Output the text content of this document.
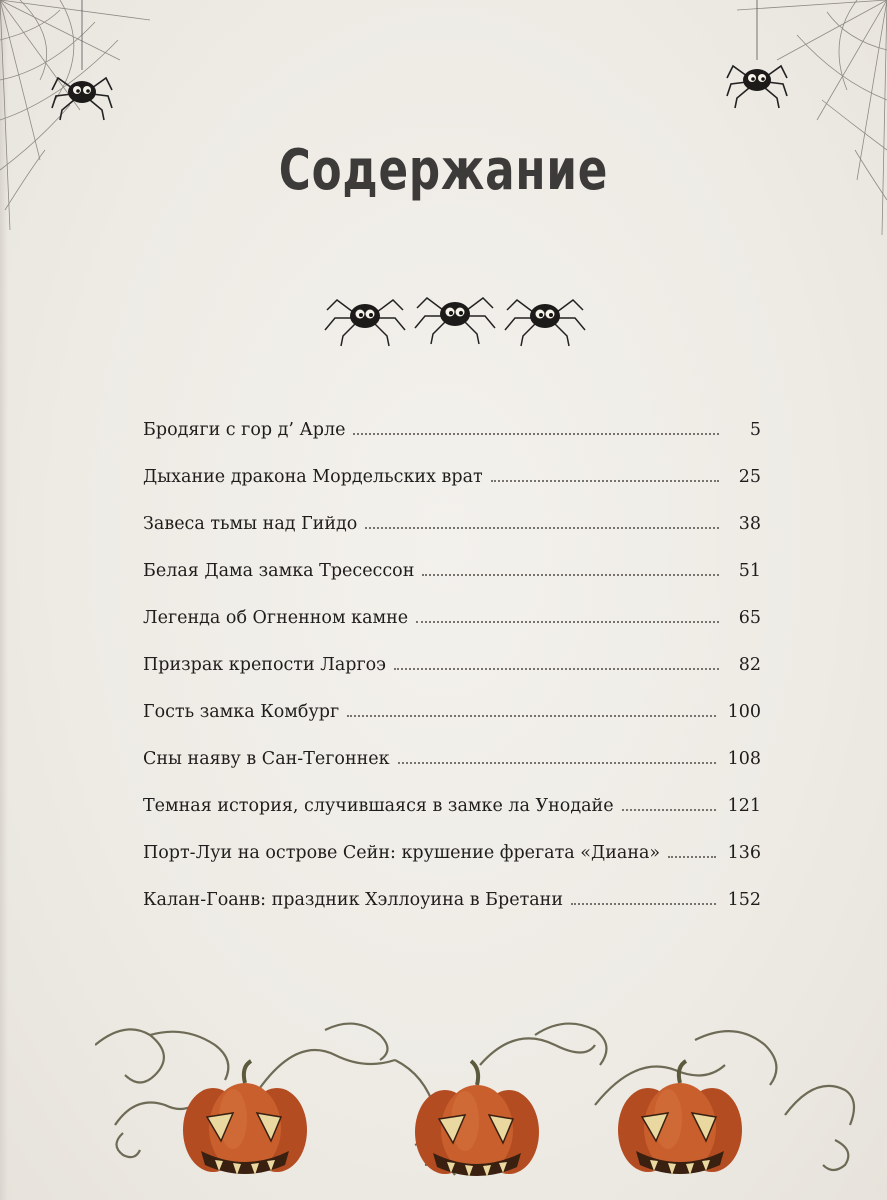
Содержание
Бродяги с гор д’ Арле	5
Дыхание дракона Мордельских врат	25
Завеса тьмы над Гийдо	38
Белая Дама замка Тресессон	51
Легенда об Огненном камне	65
Призрак крепости Ларгоэ	82
Гость замка Комбург	100
Сны наяву в Сан-Тегоннек	108
Темная история, случившаяся в замке ла Унодайе	121
Порт-Луи на острове Сейн: крушение фрегата «Диана»	136
Калан-Гоанв: праздник Хэллоуина в Бретани	152
